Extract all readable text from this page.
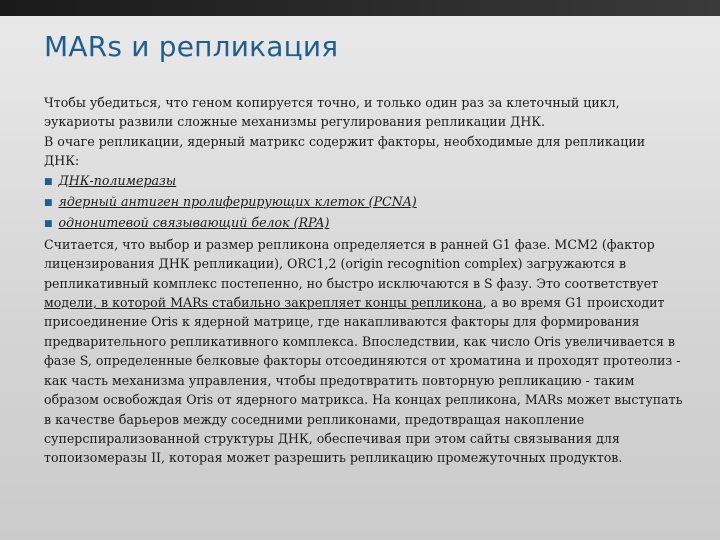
MARs и репликация

Чтобы убедиться, что геном копируется точно, и только один раз за клеточный цикл, эукариоты развили сложные механизмы регулирования репликации ДНК.

В очаге репликации, ядерный матрикс содержит факторы, необходимые для репликации ДНК:

■ ДНК-полимеразы
■ ядерный антиген пролиферирующих клеток (PCNA)
■ однонитевой связывающий белок (RPA)

Считается, что выбор и размер репликона определяется в ранней G1 фазе. MCM2 (фактор лицензирования ДНК репликации), ORC1,2 (origin recognition complex) загружаются в репликативный комплекс постепенно, но быстро исключаются в S фазу. Это соответствует модели, в которой MARs стабильно закрепляет концы репликона, а во время G1 происходит присоединение Oris к ядерной матрице, где накапливаются факторы для формирования предварительного репликативного комплекса. Впоследствии, как число Oris увеличивается в фазе S, определенные белковые факторы отсоединяются от хроматина и проходят протеолиз - как часть механизма управления, чтобы предотвратить повторную репликацию - таким образом освобождая Oris от ядерного матрикса. На концах репликона, MARs может выступать в качестве барьеров между соседними репликонами, предотвращая накопление суперспирализованной структуры ДНК, обеспечивая при этом сайты связывания для топоизомеразы II, которая может разрешить репликацию промежуточных продуктов.
